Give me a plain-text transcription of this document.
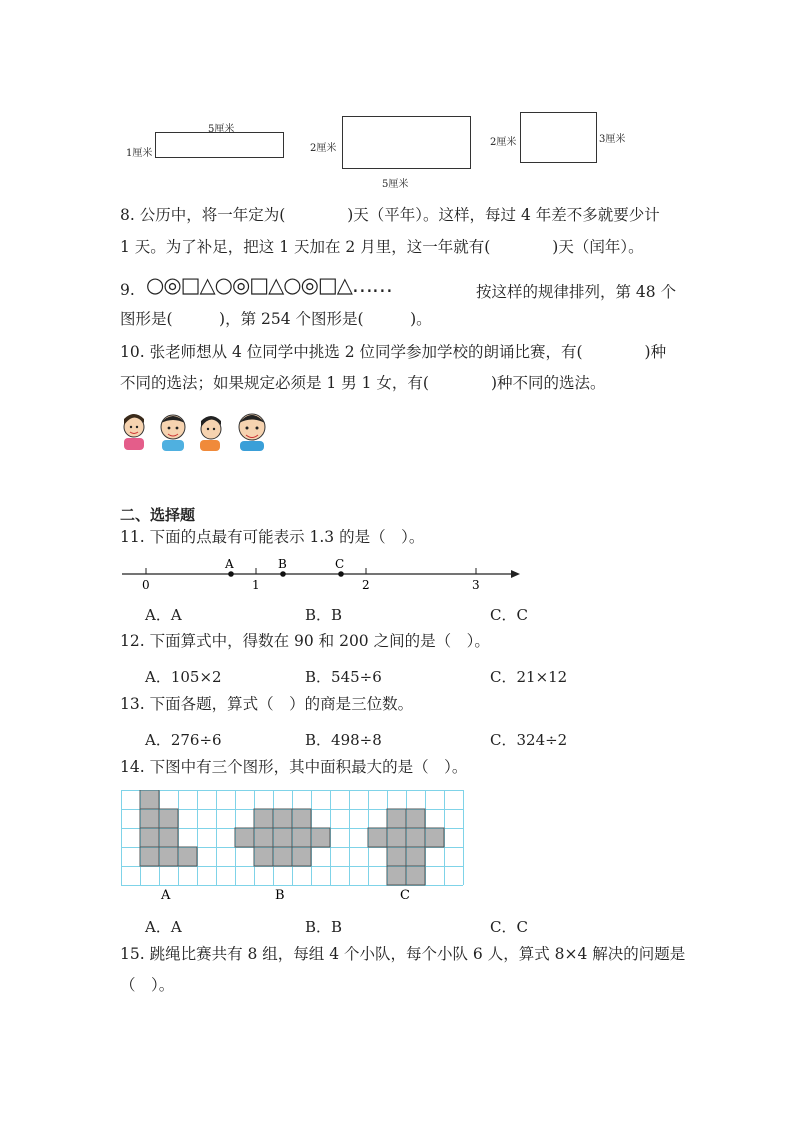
5厘米
1厘米	2厘米
5厘米
2厘米	3厘米
8. 公历中，将一年定为(　　　　)天（平年）。这样，每过 4 年差不多就要少计
1 天。为了补足，把这 1 天加在 2 月里，这一年就有(　　　　)天（闰年）。
9. ○◎□△○◎□△○◎□△……	按这样的规律排列，第 48 个
图形是(　　　)，第 254 个图形是(　　　)。
10. 张老师想从 4 位同学中挑选 2 位同学参加学校的朗诵比赛，有(　　　　)种
不同的选法；如果规定必须是 1 男 1 女，有(　　　　)种不同的选法。
二、选择题
11. 下面的点最有可能表示 1.3 的是（　）。
0	1	2	3
A	B	C
A．A	B．B	C．C
12. 下面算式中，得数在 90 和 200 之间的是（　）。
A．105×2	B．545÷6	C．21×12
13. 下面各题，算式（　）的商是三位数。
A．276÷6	B．498÷8	C．324÷2
14. 下图中有三个图形，其中面积最大的是（　）。
A	B	C
A．A	B．B	C．C
15. 跳绳比赛共有 8 组，每组 4 个小队，每个小队 6 人，算式 8×4 解决的问题是
（　）。
